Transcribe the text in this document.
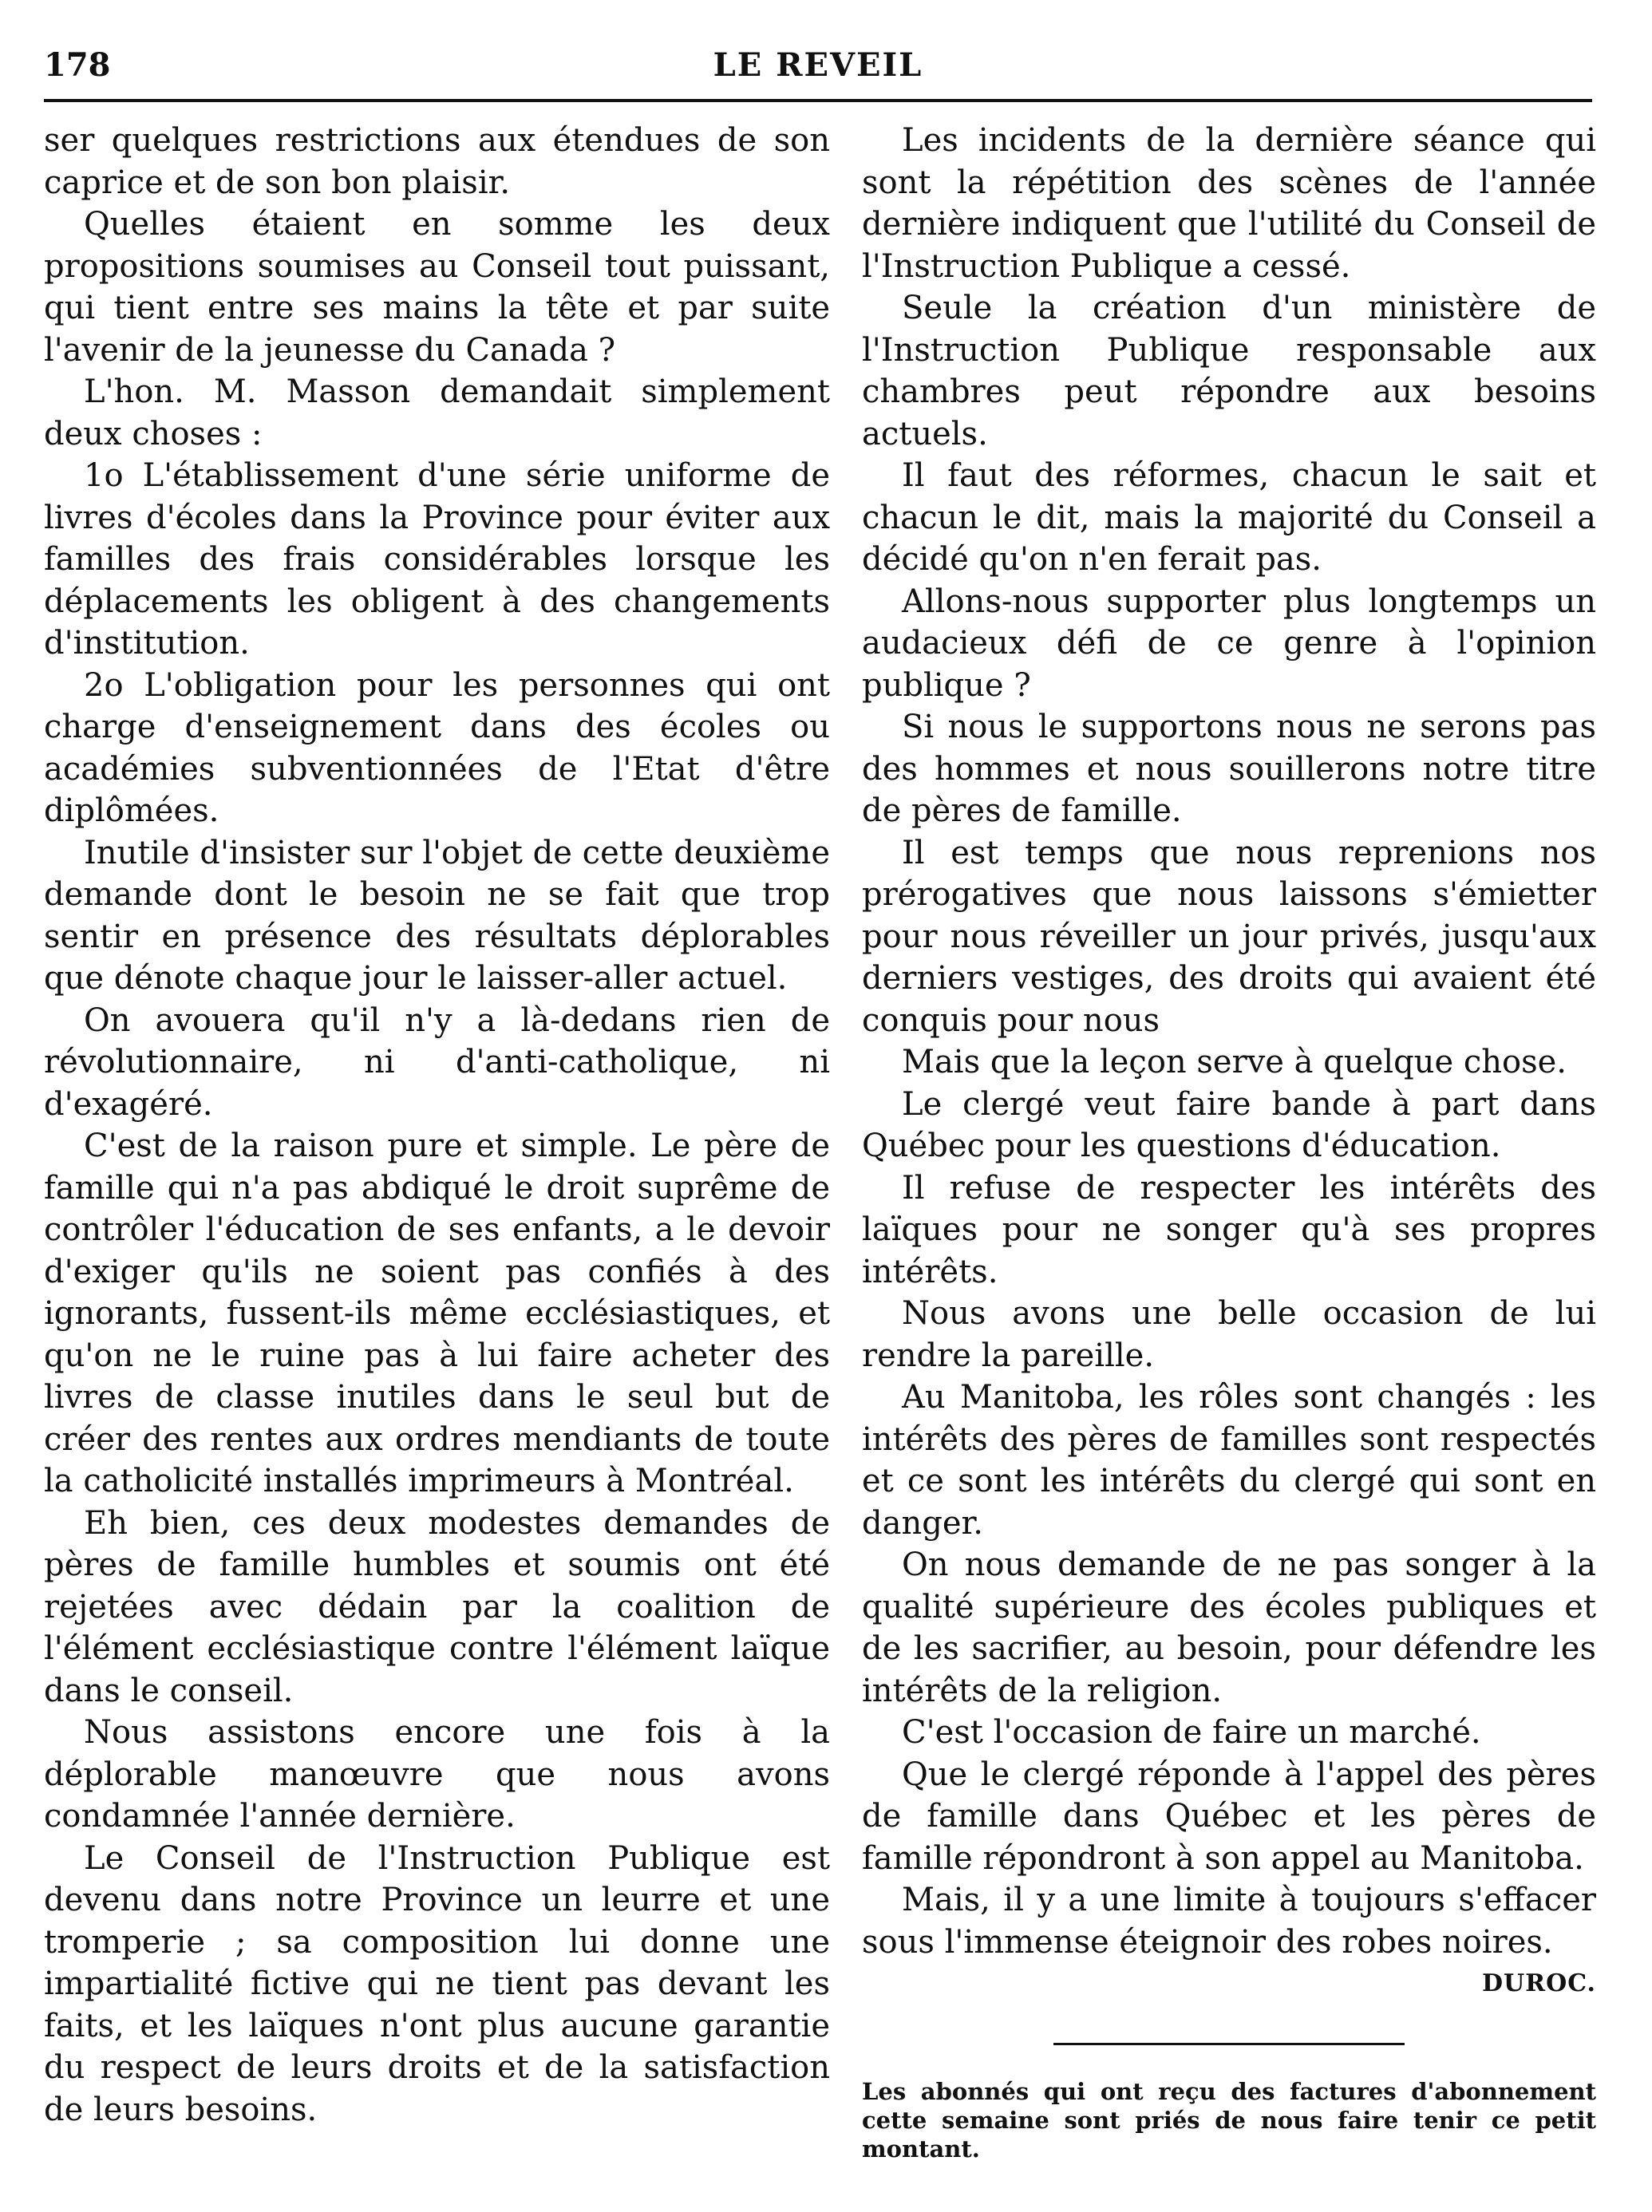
178	LE REVEIL

ser quelques restrictions aux étendues de son caprice et de son bon plaisir.

Quelles étaient en somme les deux propositions soumises au Conseil tout puissant, qui tient entre ses mains la tête et par suite l'avenir de la jeunesse du Canada ?

L'hon. M. Masson demandait simplement deux choses :

1o L'établissement d'une série uniforme de livres d'écoles dans la Province pour éviter aux familles des frais considérables lorsque les déplacements les obligent à des changements d'institution.

2o L'obligation pour les personnes qui ont charge d'enseignement dans des écoles ou académies subventionnées de l'Etat d'être diplômées.

Inutile d'insister sur l'objet de cette deuxième demande dont le besoin ne se fait que trop sentir en présence des résultats déplorables que dénote chaque jour le laisser-aller actuel.

On avouera qu'il n'y a là-dedans rien de révolutionnaire, ni d'anti-catholique, ni d'exagéré.

C'est de la raison pure et simple. Le père de famille qui n'a pas abdiqué le droit suprême de contrôler l'éducation de ses enfants, a le devoir d'exiger qu'ils ne soient pas confiés à des ignorants, fussent-ils même ecclésiastiques, et qu'on ne le ruine pas à lui faire acheter des livres de classe inutiles dans le seul but de créer des rentes aux ordres mendiants de toute la catholicité installés imprimeurs à Montréal.

Eh bien, ces deux modestes demandes de pères de famille humbles et soumis ont été rejetées avec dédain par la coalition de l'élément ecclésiastique contre l'élément laïque dans le conseil.

Nous assistons encore une fois à la déplorable manœuvre que nous avons condamnée l'année dernière.

Le Conseil de l'Instruction Publique est devenu dans notre Province un leurre et une tromperie ; sa composition lui donne une impartialité fictive qui ne tient pas devant les faits, et les laïques n'ont plus aucune garantie du respect de leurs droits et de la satisfaction de leurs besoins.

Les incidents de la dernière séance qui sont la répétition des scènes de l'année dernière indiquent que l'utilité du Conseil de l'Instruction Publique a cessé.

Seule la création d'un ministère de l'Instruction Publique responsable aux chambres peut répondre aux besoins actuels.

Il faut des réformes, chacun le sait et chacun le dit, mais la majorité du Conseil a décidé qu'on n'en ferait pas.

Allons-nous supporter plus longtemps un audacieux défi de ce genre à l'opinion publique ?

Si nous le supportons nous ne serons pas des hommes et nous souillerons notre titre de pères de famille.

Il est temps que nous reprenions nos prérogatives que nous laissons s'émietter pour nous réveiller un jour privés, jusqu'aux derniers vestiges, des droits qui avaient été conquis pour nous

Mais que la leçon serve à quelque chose.

Le clergé veut faire bande à part dans Québec pour les questions d'éducation.

Il refuse de respecter les intérêts des laïques pour ne songer qu'à ses propres intérêts.

Nous avons une belle occasion de lui rendre la pareille.

Au Manitoba, les rôles sont changés : les intérêts des pères de familles sont respectés et ce sont les intérêts du clergé qui sont en danger.

On nous demande de ne pas songer à la qualité supérieure des écoles publiques et de les sacrifier, au besoin, pour défendre les intérêts de la religion.

C'est l'occasion de faire un marché.

Que le clergé réponde à l'appel des pères de famille dans Québec et les pères de famille répondront à son appel au Manitoba.

Mais, il y a une limite à toujours s'effacer sous l'immense éteignoir des robes noires.

DUROC.
Les abonnés qui ont reçu des factures d'abonnement cette semaine sont priés de nous faire tenir ce petit montant.
